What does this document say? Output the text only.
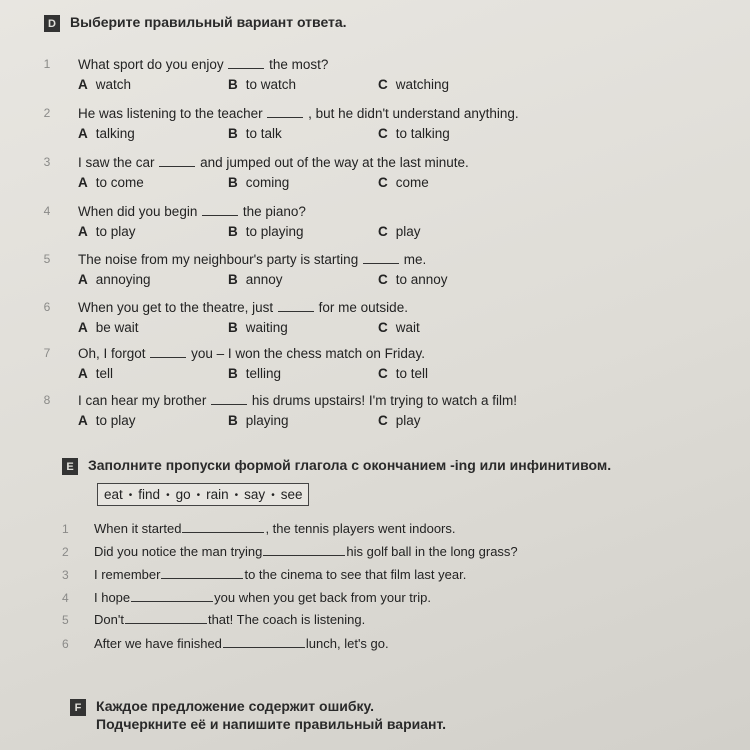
D Выберите правильный вариант ответа.
1 What sport do you enjoy	the most?
A watch	B to watch	C watching
2 He was listening to the teacher	, but he didn't understand anything.
A talking	B to talk	C to talking
3 I saw the car	and jumped out of the way at the last minute.
A to come	B coming	C come
4 When did you begin	the piano?
A to play	B to playing	C play
5 The noise from my neighbour's party is starting	me.
A annoying	B annoy	C to annoy
6 When you get to the theatre, just	for me outside.
A be wait	B waiting	C wait
7 Oh, I forgot	you – I won the chess match on Friday.
A tell	B telling	C to tell
8 I can hear my brother	his drums upstairs! I'm trying to watch a film!
A to play	B playing	C play
E	Заполните пропуски формой глагола с окончанием -ing или инфинитивом.
eat • find • go • rain • say • see
1 When it started	, the tennis players went indoors.
2 Did you notice the man trying	his golf ball in the long grass?
3 I remember	to the cinema to see that film last year.
4 I hope	you when you get back from your trip.
5 Don't	that! The coach is listening.
6 After we have finished	lunch, let's go.
F	Каждое предложение содержит ошибку.
Подчеркните её и напишите правильный вариант.
